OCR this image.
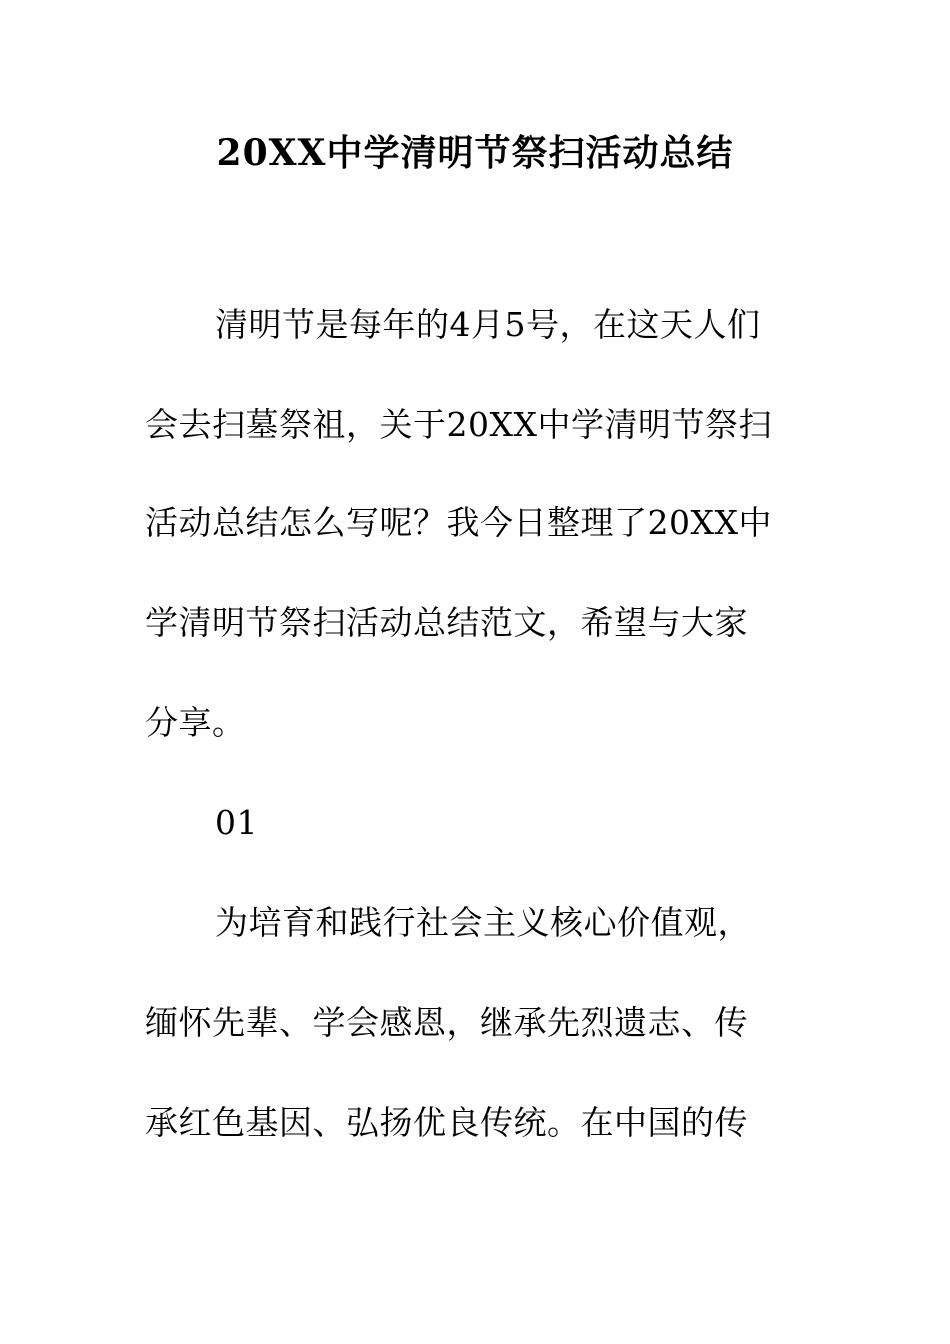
20XX中学清明节祭扫活动总结
清明节是每年的4月5号，在这天人们
会去扫墓祭祖，关于20XX中学清明节祭扫
活动总结怎么写呢？我今日整理了20XX中
学清明节祭扫活动总结范文，希望与大家
分享。
01
为培育和践行社会主义核心价值观，
缅怀先辈、学会感恩，继承先烈遗志、传
承红色基因、弘扬优良传统。在中国的传
